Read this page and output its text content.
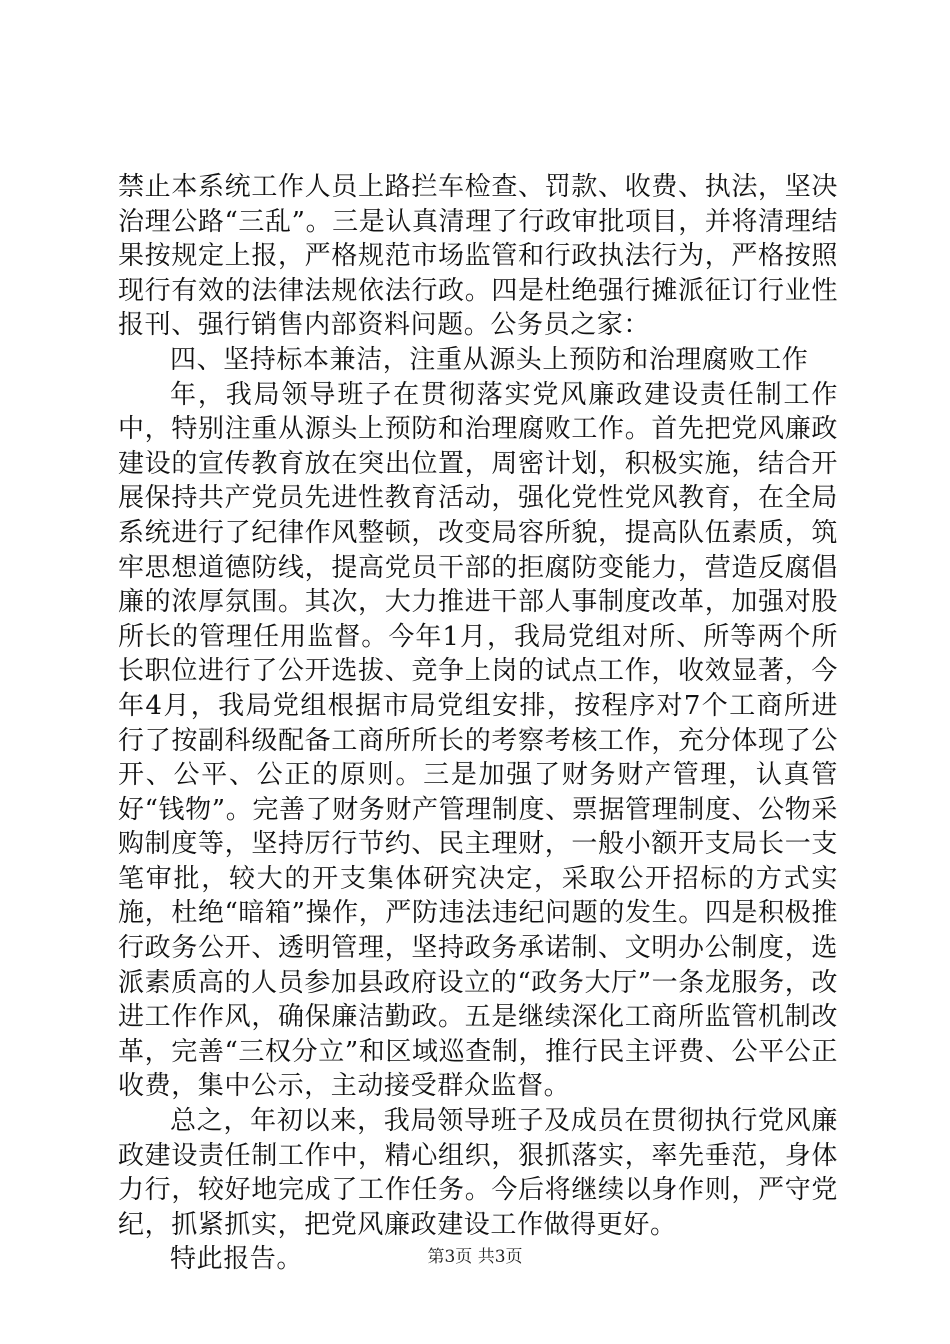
禁止本系统工作人员上路拦车检查、罚款、收费、执法，坚决治理公路“三乱”。三是认真清理了行政审批项目，并将清理结果按规定上报，严格规范市场监管和行政执法行为，严格按照现行有效的法律法规依法行政。四是杜绝强行摊派征订行业性报刊、强行销售内部资料问题。公务员之家：

四、坚持标本兼洁，注重从源头上预防和治理腐败工作

年，我局领导班子在贯彻落实党风廉政建设责任制工作中，特别注重从源头上预防和治理腐败工作。首先把党风廉政建设的宣传教育放在突出位置，周密计划，积极实施，结合开展保持共产党员先进性教育活动，强化党性党风教育，在全局系统进行了纪律作风整顿，改变局容所貌，提高队伍素质，筑牢思想道德防线，提高党员干部的拒腐防变能力，营造反腐倡廉的浓厚氛围。其次，大力推进干部人事制度改革，加强对股所长的管理任用监督。今年1月，我局党组对所、所等两个所长职位进行了公开选拔、竞争上岗的试点工作，收效显著，今年4月，我局党组根据市局党组安排，按程序对7个工商所进行了按副科级配备工商所所长的考察考核工作，充分体现了公开、公平、公正的原则。三是加强了财务财产管理，认真管好“钱物”。完善了财务财产管理制度、票据管理制度、公物采购制度等，坚持厉行节约、民主理财，一般小额开支局长一支笔审批，较大的开支集体研究决定，采取公开招标的方式实施，杜绝“暗箱”操作，严防违法违纪问题的发生。四是积极推行政务公开、透明管理，坚持政务承诺制、文明办公制度，选派素质高的人员参加县政府设立的“政务大厅”一条龙服务，改进工作作风，确保廉洁勤政。五是继续深化工商所监管机制改革，完善“三权分立”和区域巡查制，推行民主评费、公平公正收费，集中公示，主动接受群众监督。

总之，年初以来，我局领导班子及成员在贯彻执行党风廉政建设责任制工作中，精心组织，狠抓落实，率先垂范，身体力行，较好地完成了工作任务。今后将继续以身作则，严守党纪，抓紧抓实，把党风廉政建设工作做得更好。

特此报告。	第3页 共3页
